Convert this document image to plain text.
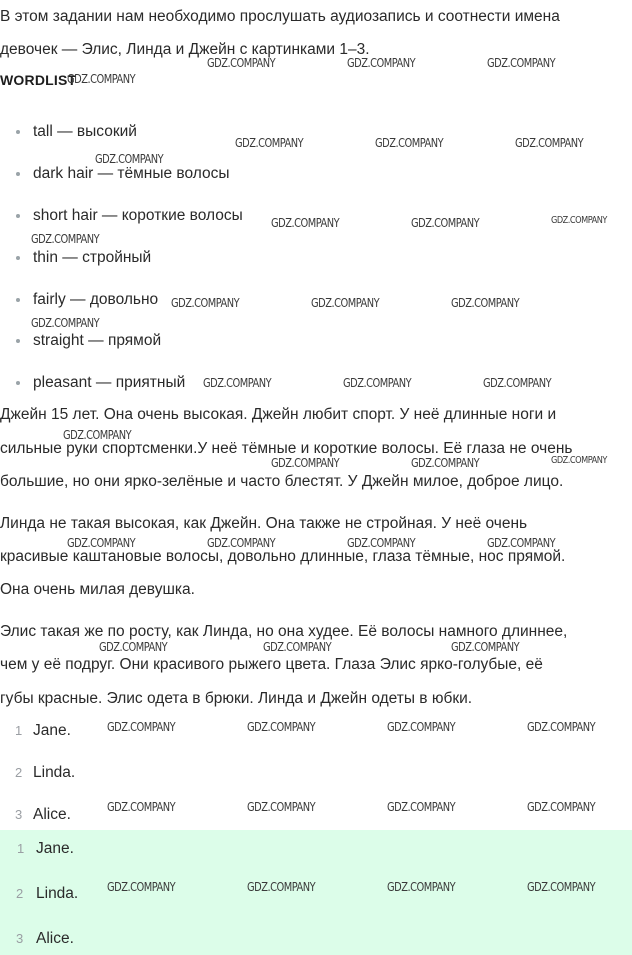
В этом задании нам необходимо прослушать аудиозапись и соотнести имена
девочек — Элис, Линда и Джейн с картинками 1–3.
WORDLIST
tall — высокий
dark hair — тёмные волосы
short hair — короткие волосы
thin — стройный
fairly — довольно
straight — прямой
pleasant — приятный
Джейн 15 лет. Она очень высокая. Джейн любит спорт. У неё длинные ноги и
сильные руки спортсменки.У неё тёмные и короткие волосы. Её глаза не очень
большие, но они ярко-зелёные и часто блестят. У Джейн милое, доброе лицо.
Линда не такая высокая, как Джейн. Она также не стройная. У неё очень
красивые каштановые волосы, довольно длинные, глаза тёмные, нос прямой.
Она очень милая девушка.
Элис такая же по росту, как Линда, но она худее. Её волосы намного длиннее,
чем у её подруг. Они красивого рыжего цвета. Глаза Элис ярко-голубые, её
губы красные. Элис одета в брюки. Линда и Джейн одеты в юбки.
1 Jane.
2 Linda.
3 Alice.
1 Jane.
2 Linda.
3 Alice.
GDZ.COMPANY
GDZ.COMPANY	GDZ.COMPANY	GDZ.COMPANY
GDZ.COMPANY	GDZ.COMPANY	GDZ.COMPANY
GDZ.COMPANY
GDZ.COMPANY	GDZ.COMPANY	GDZ.COMPANY
GDZ.COMPANY
GDZ.COMPANY	GDZ.COMPANY	GDZ.COMPANY
GDZ.COMPANY
GDZ.COMPANY	GDZ.COMPANY	GDZ.COMPANY
GDZ.COMPANY
GDZ.COMPANY	GDZ.COMPANY	GDZ.COMPANY
GDZ.COMPANY	GDZ.COMPANY	GDZ.COMPANY	GDZ.COMPANY
GDZ.COMPANY	GDZ.COMPANY	GDZ.COMPANY
GDZ.COMPANY	GDZ.COMPANY	GDZ.COMPANY	GDZ.COMPANY
GDZ.COMPANY	GDZ.COMPANY	GDZ.COMPANY	GDZ.COMPANY
GDZ.COMPANY	GDZ.COMPANY	GDZ.COMPANY	GDZ.COMPANY
